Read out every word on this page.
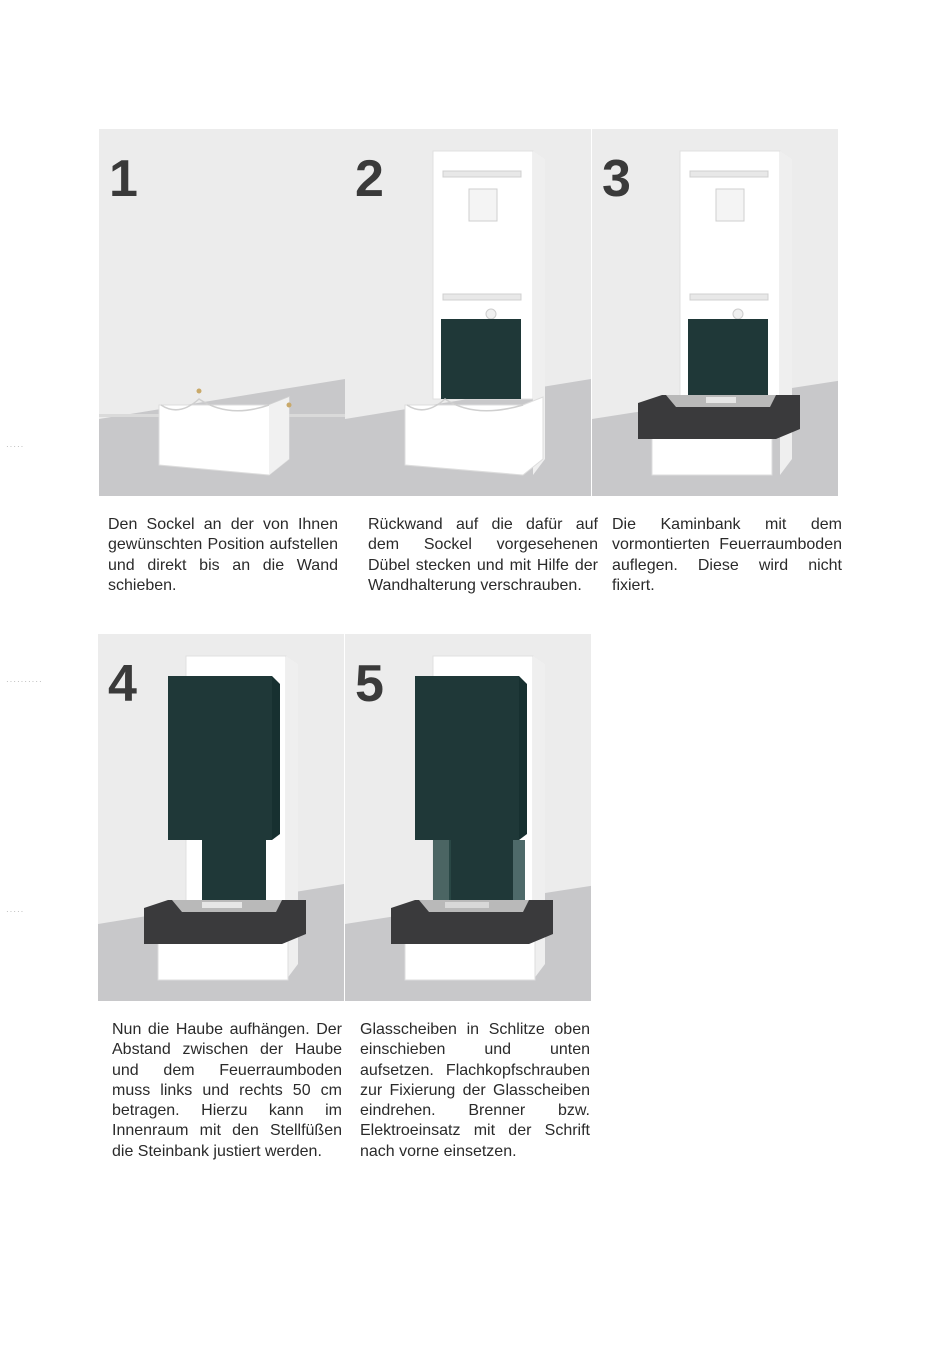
·····
··········
·····
1	2	3

Den Sockel an der von Ihnen gewünschten Position aufstellen und direkt bis an die Wand schieben.

Rückwand auf die dafür auf dem Sockel vorgesehenen Dübel stecken und mit Hilfe der Wandhalterung verschrauben.

Die Kaminbank mit dem vormontierten Feuerraumboden auflegen. Diese wird nicht fixiert.

4	5

Nun die Haube aufhängen. Der Abstand zwischen der Haube und dem Feuerraumboden muss links und rechts 50 cm betragen. Hierzu kann im Innenraum mit den Stellfüßen die Steinbank justiert werden.

Glasscheiben in Schlitze oben einschieben und unten aufsetzen. Flachkopfschrauben zur Fixierung der Glasscheiben eindrehen. Brenner bzw. Elektroeinsatz mit der Schrift nach vorne einsetzen.
